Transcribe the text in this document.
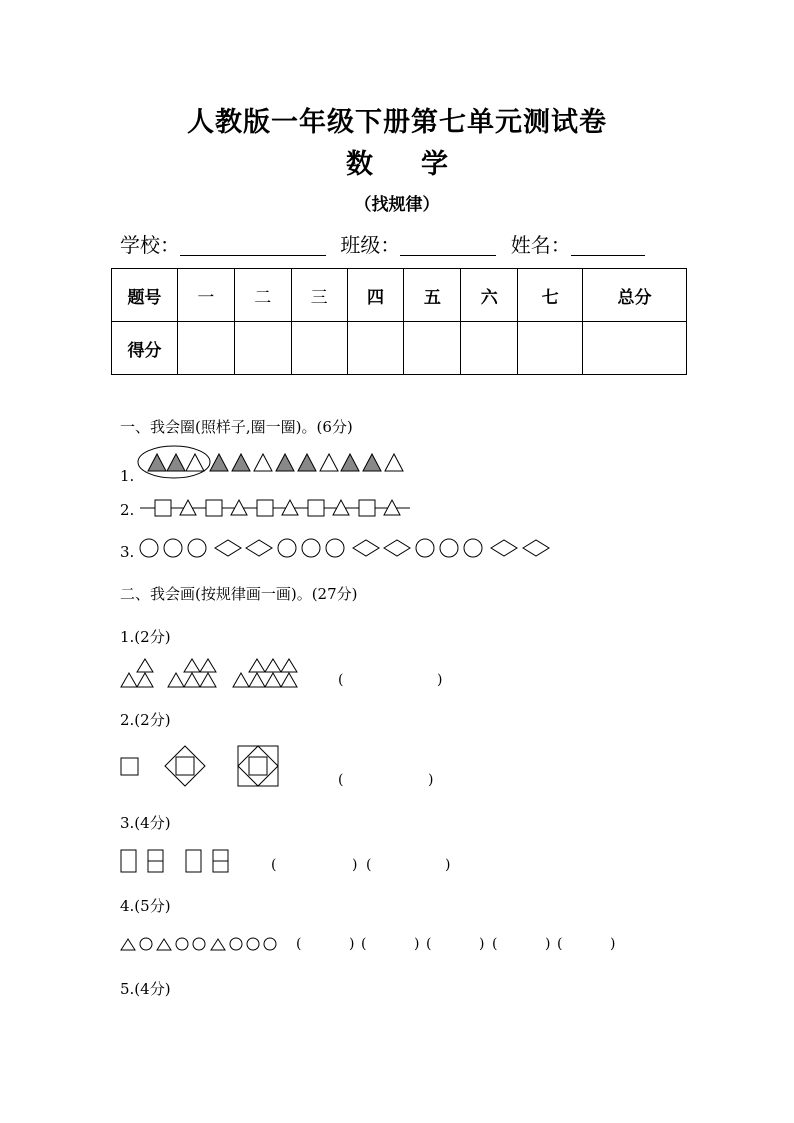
人教版一年级下册第七单元测试卷
数 学
（找规律）
学校：	班级：	姓名：
题号	一	二	三	四	五	六	七	总分
得分								
一、我会圈(照样子,圈一圈)。(6分)
1.
2.
3.
二、我会画(按规律画一画)。(27分)
1.(2分)
(	)
2.(2分)
(	)
3.(4分)
(	) (	)
4.(5分)
(	) (	) (	) (	) (	)
5.(4分)
